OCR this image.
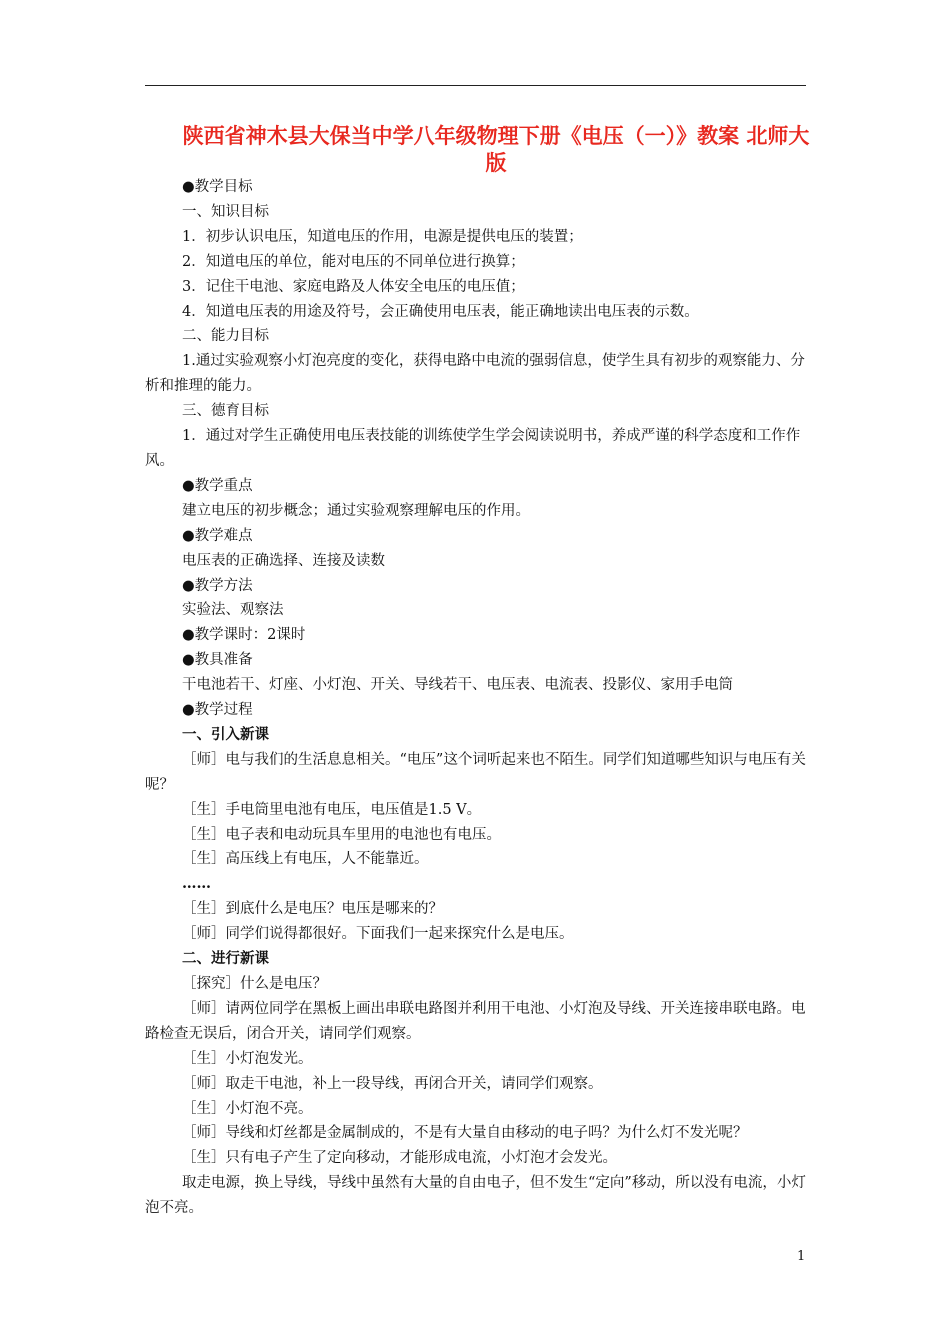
陕西省神木县大保当中学八年级物理下册《电压（一）》教案 北师大版

●教学目标

一、知识目标

1．初步认识电压，知道电压的作用，电源是提供电压的装置；

2．知道电压的单位，能对电压的不同单位进行换算；

3．记住干电池、家庭电路及人体安全电压的电压值；

4．知道电压表的用途及符号，会正确使用电压表，能正确地读出电压表的示数。

二、能力目标

1.通过实验观察小灯泡亮度的变化，获得电路中电流的强弱信息，使学生具有初步的观察能力、分析和推理的能力。

三、德育目标

1．通过对学生正确使用电压表技能的训练使学生学会阅读说明书，养成严谨的科学态度和工作作风。

●教学重点

建立电压的初步概念；通过实验观察理解电压的作用。

●教学难点

电压表的正确选择、连接及读数

●教学方法

实验法、观察法

●教学课时：2课时

●教具准备

干电池若干、灯座、小灯泡、开关、导线若干、电压表、电流表、投影仪、家用手电筒

●教学过程

一、引入新课

［师］电与我们的生活息息相关。“电压”这个词听起来也不陌生。同学们知道哪些知识与电压有关呢？

［生］手电筒里电池有电压，电压值是1.5 V。

［生］电子表和电动玩具车里用的电池也有电压。

［生］高压线上有电压，人不能靠近。

……

［生］到底什么是电压？电压是哪来的？

［师］同学们说得都很好。下面我们一起来探究什么是电压。

二、进行新课

［探究］什么是电压？

［师］请两位同学在黑板上画出串联电路图并利用干电池、小灯泡及导线、开关连接串联电路。电路检查无误后，闭合开关，请同学们观察。

［生］小灯泡发光。

［师］取走干电池，补上一段导线，再闭合开关，请同学们观察。

［生］小灯泡不亮。

［师］导线和灯丝都是金属制成的，不是有大量自由移动的电子吗？为什么灯不发光呢？

［生］只有电子产生了定向移动，才能形成电流，小灯泡才会发光。

取走电源，换上导线，导线中虽然有大量的自由电子，但不发生“定向”移动，所以没有电流，小灯泡不亮。

1
